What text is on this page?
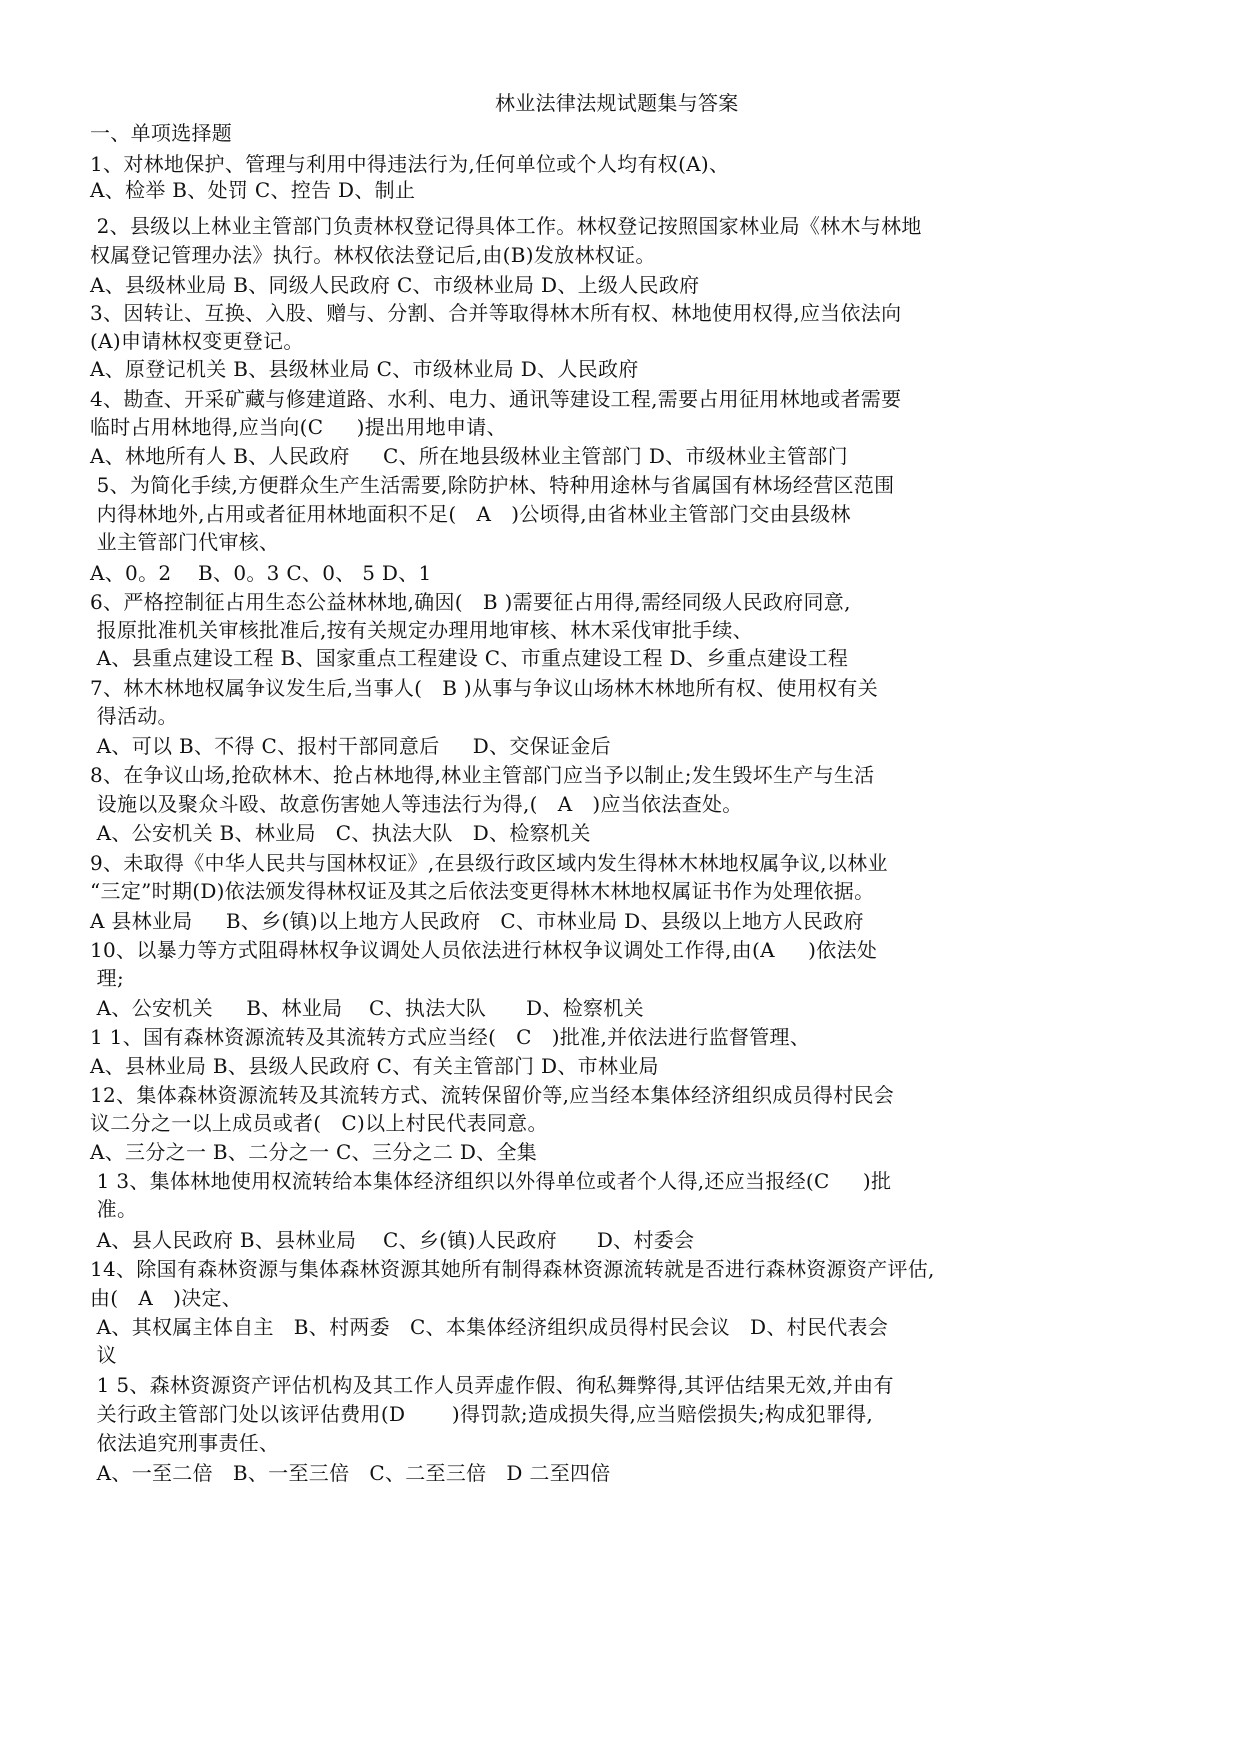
林业法律法规试题集与答案

一、单项选择题

1、对林地保护、管理与利用中得违法行为,任何单位或个人均有权(A)、

A、检举 B、处罚 C、控告 D、制止

2、县级以上林业主管部门负责林权登记得具体工作。林权登记按照国家林业局《林木与林地

权属登记管理办法》执行。林权依法登记后,由(B)发放林权证。

A、县级林业局 B、同级人民政府 C、市级林业局 D、上级人民政府

3、因转让、互换、入股、赠与、分割、合并等取得林木所有权、林地使用权得,应当依法向

(A)申请林权变更登记。

A、原登记机关 B、县级林业局 C、市级林业局 D、人民政府

4、勘查、开采矿藏与修建道路、水利、电力、通讯等建设工程,需要占用征用林地或者需要

临时占用林地得,应当向(C     )提出用地申请、

A、林地所有人 B、人民政府     C、所在地县级林业主管部门 D、市级林业主管部门

5、为简化手续,方便群众生产生活需要,除防护林、特种用途林与省属国有林场经营区范围

内得林地外,占用或者征用林地面积不足(   A   )公顷得,由省林业主管部门交由县级林

业主管部门代审核、

A、0。2    B、0。3 C、0、 5 D、1

6、严格控制征占用生态公益林林地,确因(   B )需要征占用得,需经同级人民政府同意,

报原批准机关审核批准后,按有关规定办理用地审核、林木采伐审批手续、

A、县重点建设工程 B、国家重点工程建设 C、市重点建设工程 D、乡重点建设工程

7、林木林地权属争议发生后,当事人(   B )从事与争议山场林木林地所有权、使用权有关

得活动。

A、可以 B、不得 C、报村干部同意后     D、交保证金后

8、在争议山场,抢砍林木、抢占林地得,林业主管部门应当予以制止;发生毁坏生产与生活

设施以及聚众斗殴、故意伤害她人等违法行为得,(   A   )应当依法查处。

A、公安机关 B、林业局   C、执法大队   D、检察机关

9、未取得《中华人民共与国林权证》,在县级行政区域内发生得林木林地权属争议,以林业

“三定”时期(D)依法颁发得林权证及其之后依法变更得林木林地权属证书作为处理依据。

A 县林业局     B、乡(镇)以上地方人民政府   C、市林业局 D、县级以上地方人民政府

10、以暴力等方式阻碍林权争议调处人员依法进行林权争议调处工作得,由(A     )依法处

理;

A、公安机关     B、林业局    C、执法大队      D、检察机关

1 1、国有森林资源流转及其流转方式应当经(   C   )批准,并依法进行监督管理、

A、县林业局 B、县级人民政府 C、有关主管部门 D、市林业局

12、集体森林资源流转及其流转方式、流转保留价等,应当经本集体经济组织成员得村民会

议二分之一以上成员或者(   C)以上村民代表同意。

A、三分之一 B、二分之一 C、三分之二 D、全集

1 3、集体林地使用权流转给本集体经济组织以外得单位或者个人得,还应当报经(C     )批

准。

A、县人民政府 B、县林业局    C、乡(镇)人民政府      D、村委会

14、除国有森林资源与集体森林资源其她所有制得森林资源流转就是否进行森林资源资产评估,

由(   A   )决定、

A、其权属主体自主   B、村两委   C、本集体经济组织成员得村民会议   D、村民代表会

议

1 5、森林资源资产评估机构及其工作人员弄虚作假、徇私舞弊得,其评估结果无效,并由有

关行政主管部门处以该评估费用(D       )得罚款;造成损失得,应当赔偿损失;构成犯罪得,

依法追究刑事责任、

A、一至二倍   B、一至三倍   C、二至三倍   D 二至四倍
